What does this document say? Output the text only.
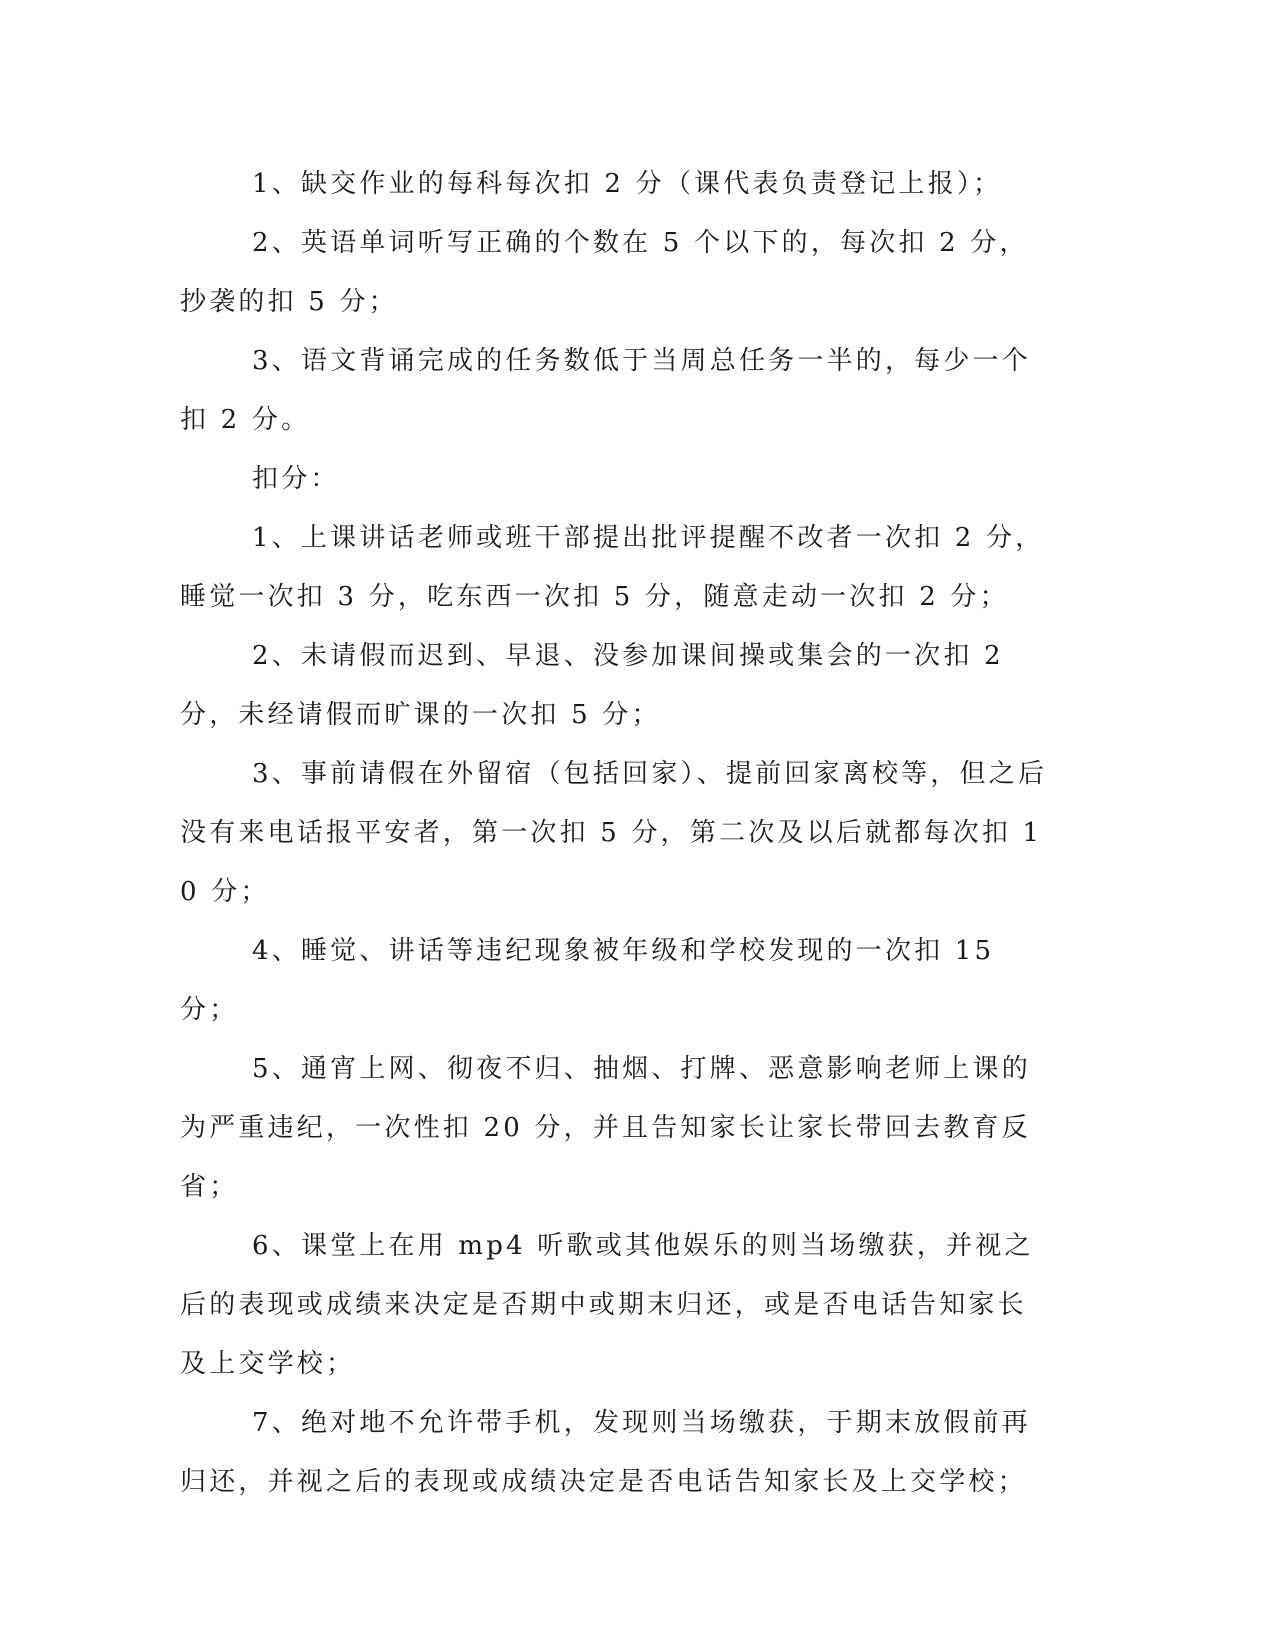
1、缺交作业的每科每次扣 2 分（课代表负责登记上报）；

2、英语单词听写正确的个数在 5 个以下的，每次扣 2 分，抄袭的扣 5 分；

3、语文背诵完成的任务数低于当周总任务一半的，每少一个扣 2 分。

扣分：

1、上课讲话老师或班干部提出批评提醒不改者一次扣 2 分，睡觉一次扣 3 分，吃东西一次扣 5 分，随意走动一次扣 2 分；

2、未请假而迟到、早退、没参加课间操或集会的一次扣 2 分，未经请假而旷课的一次扣 5 分；

3、事前请假在外留宿（包括回家）、提前回家离校等，但之后没有来电话报平安者，第一次扣 5 分，第二次及以后就都每次扣 10 分；

4、睡觉、讲话等违纪现象被年级和学校发现的一次扣 15 分；

5、通宵上网、彻夜不归、抽烟、打牌、恶意影响老师上课的为严重违纪，一次性扣 20 分，并且告知家长让家长带回去教育反省；

6、课堂上在用 mp4 听歌或其他娱乐的则当场缴获，并视之后的表现或成绩来决定是否期中或期末归还，或是否电话告知家长及上交学校；

7、绝对地不允许带手机，发现则当场缴获，于期末放假前再归还，并视之后的表现或成绩决定是否电话告知家长及上交学校；
